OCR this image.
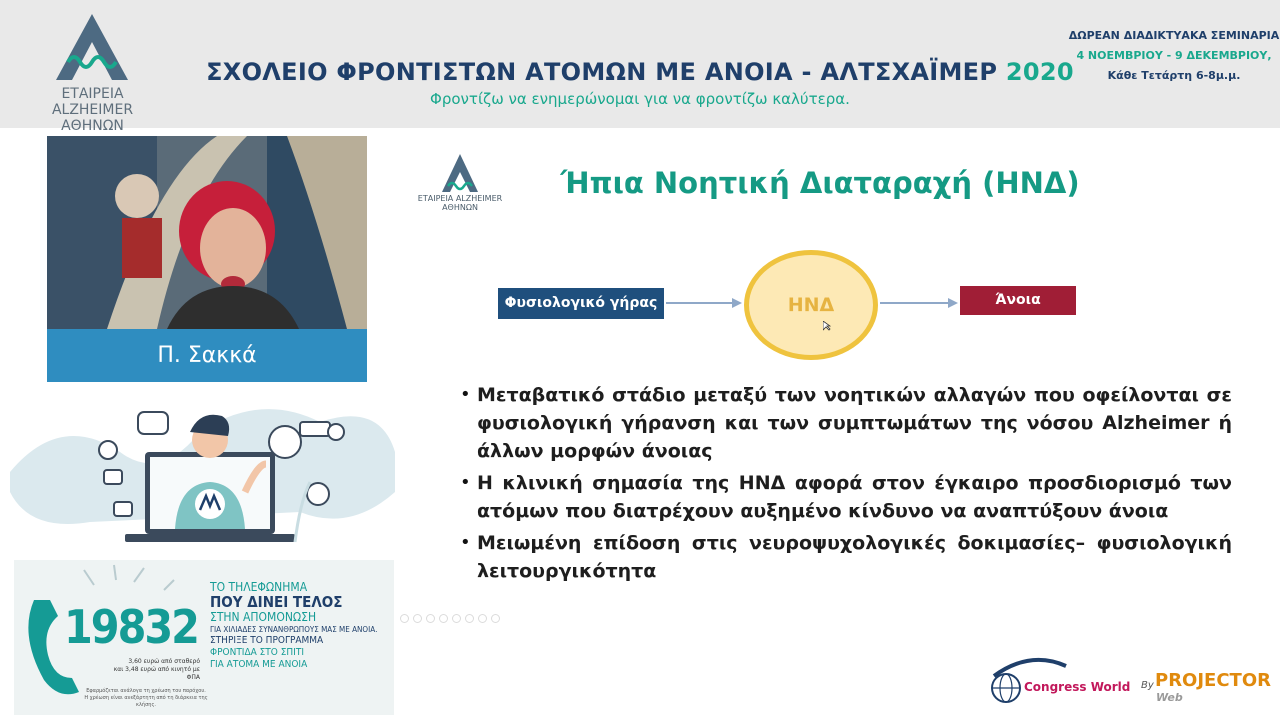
ΕΤΑΙΡΕΙΑ ALZHEIMER
ΑΘΗΝΩΝ
ΣΧΟΛΕΙΟ ΦΡΟΝΤΙΣΤΩΝ ΑΤΟΜΩΝ ΜΕ ΑΝΟΙΑ - ΑΛΤΣΧΑΪΜΕΡ 2020
Φροντίζω να ενημερώνομαι για να φροντίζω καλύτερα.
ΔΩΡΕΑΝ ΔΙΑΔΙΚΤΥΑΚΑ ΣΕΜΙΝΑΡΙΑ
4 ΝΟΕΜΒΡΙΟΥ - 9 ΔΕΚΕΜΒΡΙΟΥ,
Κάθε Τετάρτη 6-8μ.μ.
Π. Σακκά
19832
3,60 ευρώ από σταθερό
και 3,48 ευρώ από κινητό με ΦΠΑ
Εφαρμόζεται ανάλογα τη χρέωση του παρόχου.
Η χρέωση είναι ανεξάρτητη από τη διάρκεια της κλήσης.
ΤΟ ΤΗΛΕΦΩΝΗΜΑ
ΠΟΥ ΔΙΝΕΙ ΤΕΛΟΣ
ΣΤΗΝ ΑΠΟΜΟΝΩΣΗ
ΓΙΑ ΧΙΛΙΑΔΕΣ ΣΥΝΑΝΘΡΩΠΟΥΣ ΜΑΣ ΜΕ ΑΝΟΙΑ.
ΣΤΗΡΙΞΕ ΤΟ ΠΡΟΓΡΑΜΜΑ
ΦΡΟΝΤΙΔΑ ΣΤΟ ΣΠΙΤΙ
ΓΙΑ ΑΤΟΜΑ ΜΕ ΑΝΟΙΑ
ΕΤΑΙΡΕΙΑ ALZHEIMER
ΑΘΗΝΩΝ
Ήπια Νοητική Διαταραχή (ΗΝΔ)
Φυσιολογικό γήρας	ΗΝΔ	Άνοια
• Μεταβατικό στάδιο μεταξύ των νοητικών αλλαγών που οφείλονται σε φυσιολογική γήρανση και των συμπτωμάτων της νόσου Alzheimer ή άλλων μορφών άνοιας
• Η κλινική σημασία της ΗΝΔ αφορά στον έγκαιρο προσδιορισμό των ατόμων που διατρέχουν αυξημένο κίνδυνο να αναπτύξουν άνοια
• Μειωμένη επίδοση στις νευροψυχολογικές δοκιμασίες– φυσιολογική λειτουργικότητα
Congress World By PROJECTOR
Web
